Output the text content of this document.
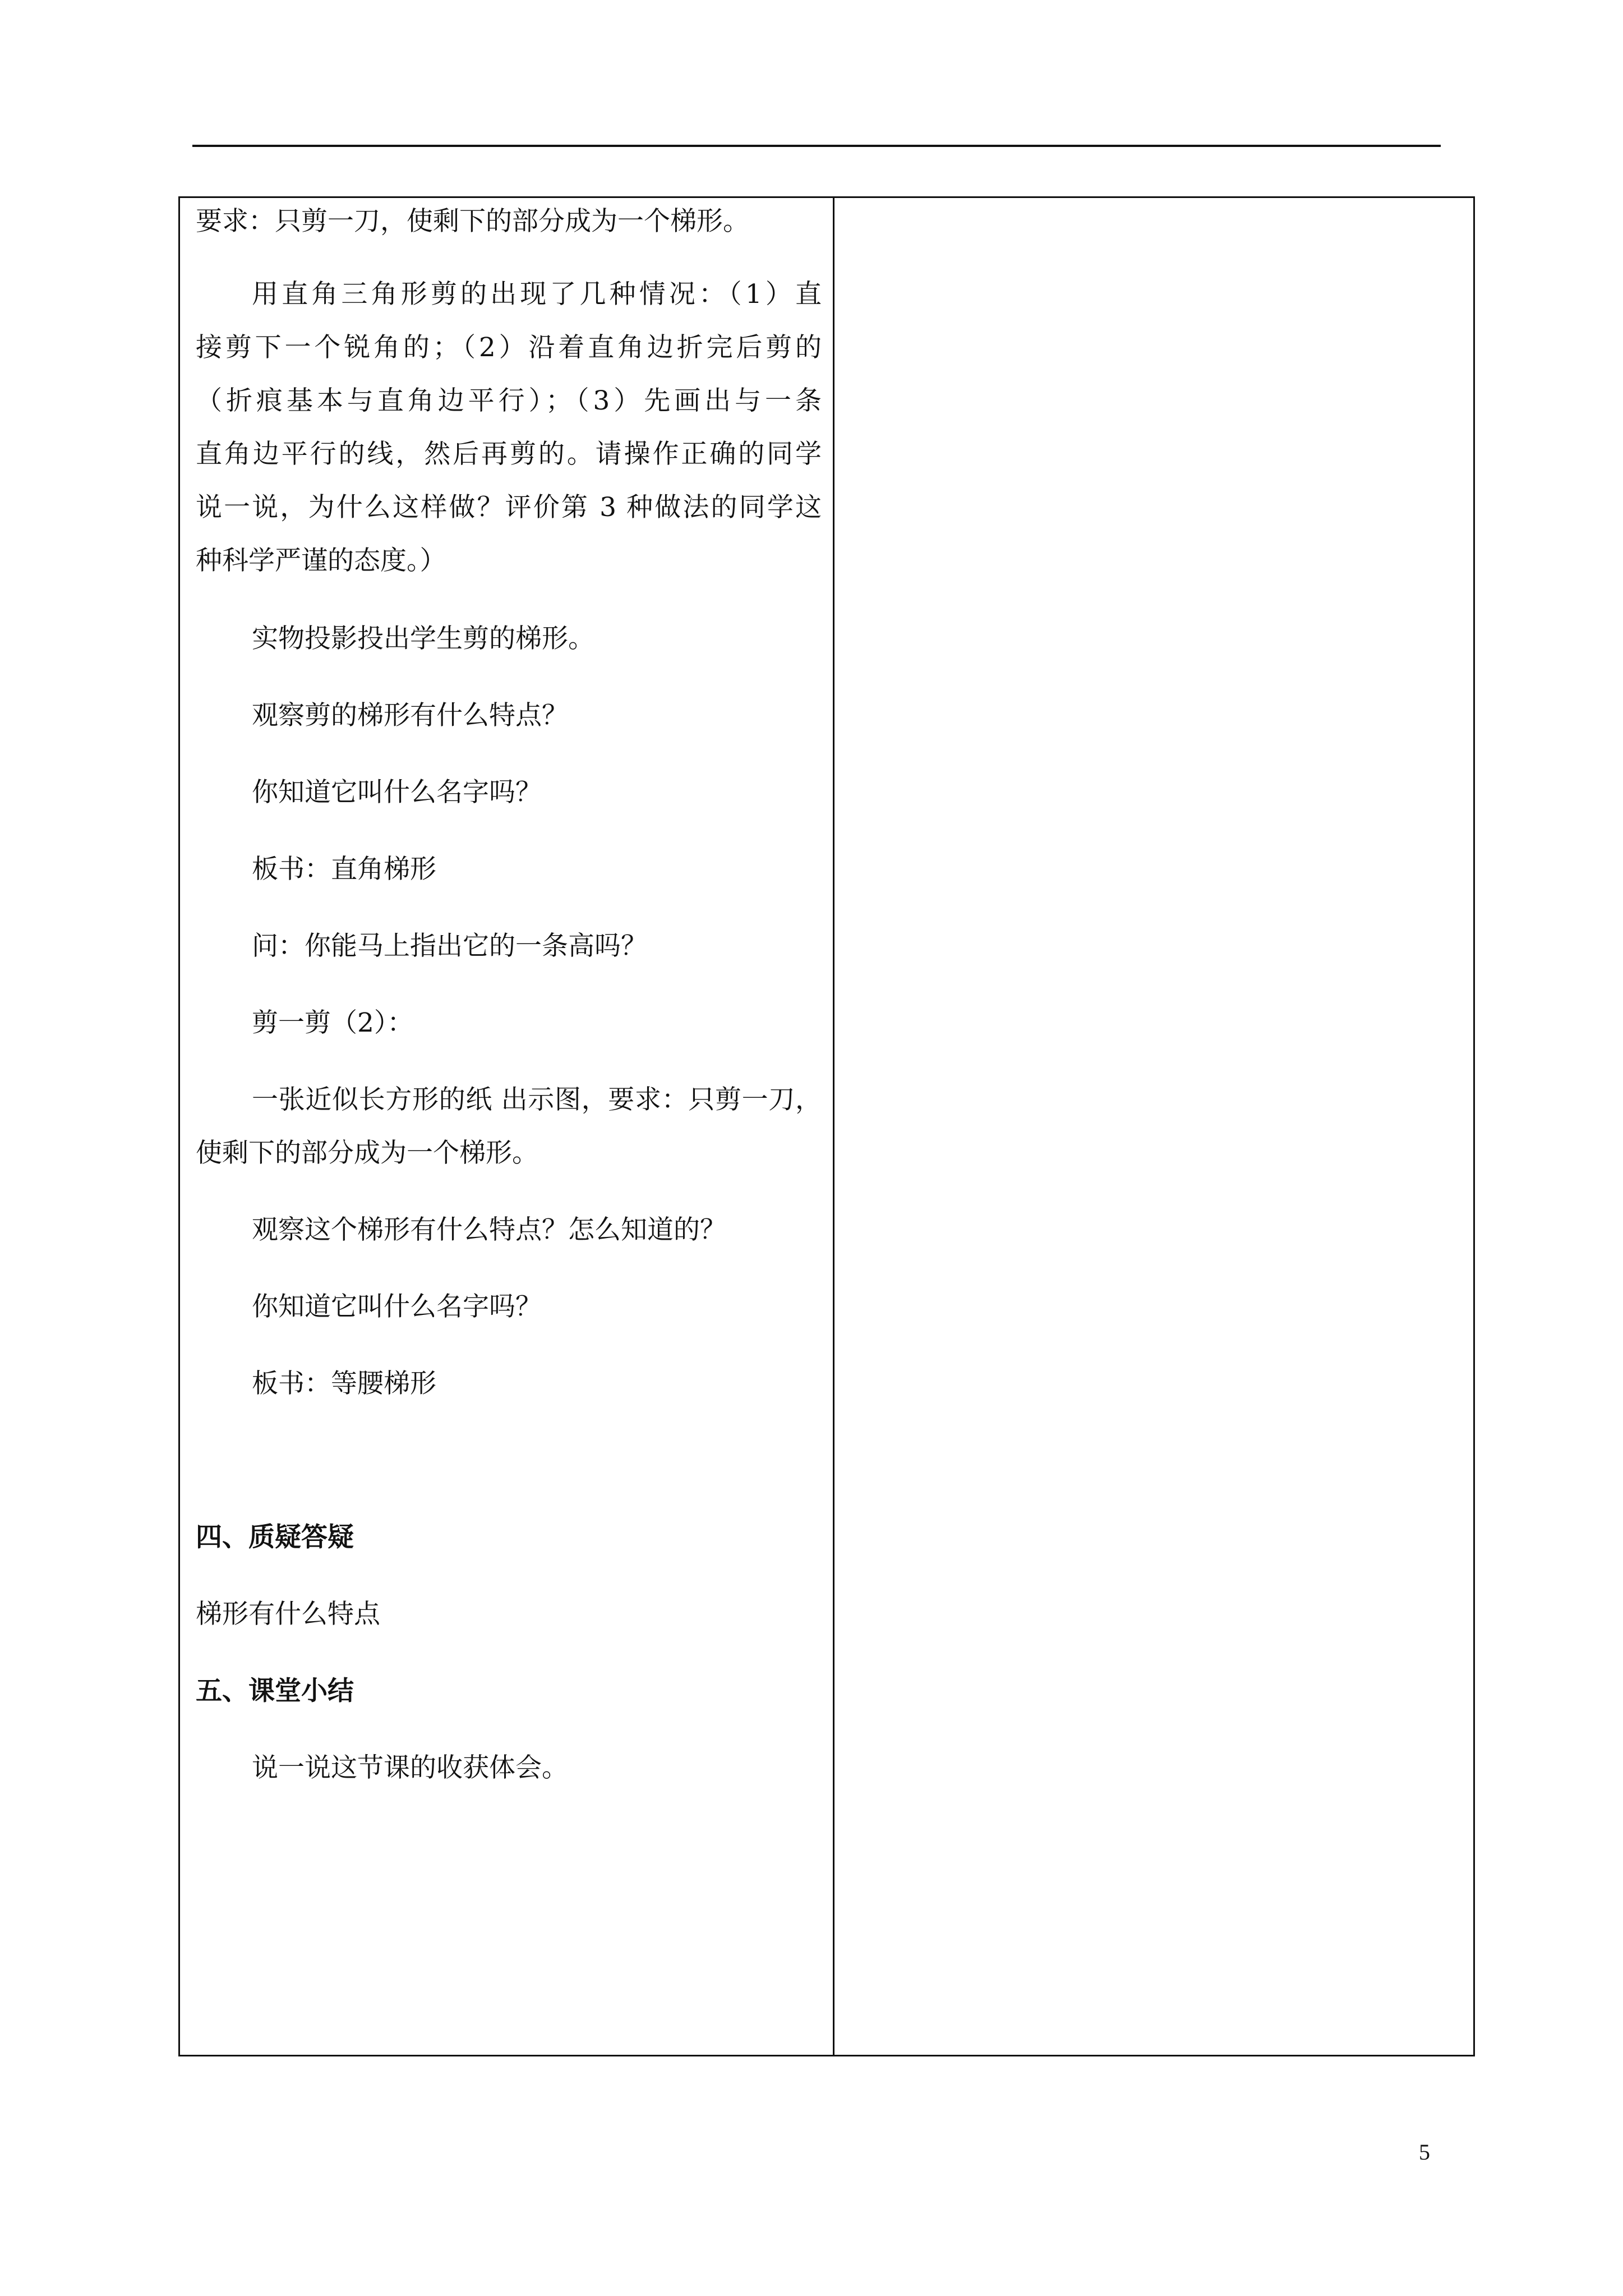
要求：只剪一刀，使剩下的部分成为一个梯形。

用直角三角形剪的出现了几种情况：（1）直

接剪下一个锐角的；（2）沿着直角边折完后剪的

（折痕基本与直角边平行）；（3）先画出与一条

直角边平行的线，然后再剪的。请操作正确的同学

说一说，为什么这样做？评价第 3 种做法的同学这

种科学严谨的态度。）

实物投影投出学生剪的梯形。

观察剪的梯形有什么特点？

你知道它叫什么名字吗？

板书：直角梯形

问：你能马上指出它的一条高吗？

剪一剪（2）：

一张近似长方形的纸 出示图，要求：只剪一刀，

使剩下的部分成为一个梯形。

观察这个梯形有什么特点？怎么知道的？

你知道它叫什么名字吗？

板书：等腰梯形

四、质疑答疑

梯形有什么特点

五、课堂小结

说一说这节课的收获体会。

5
